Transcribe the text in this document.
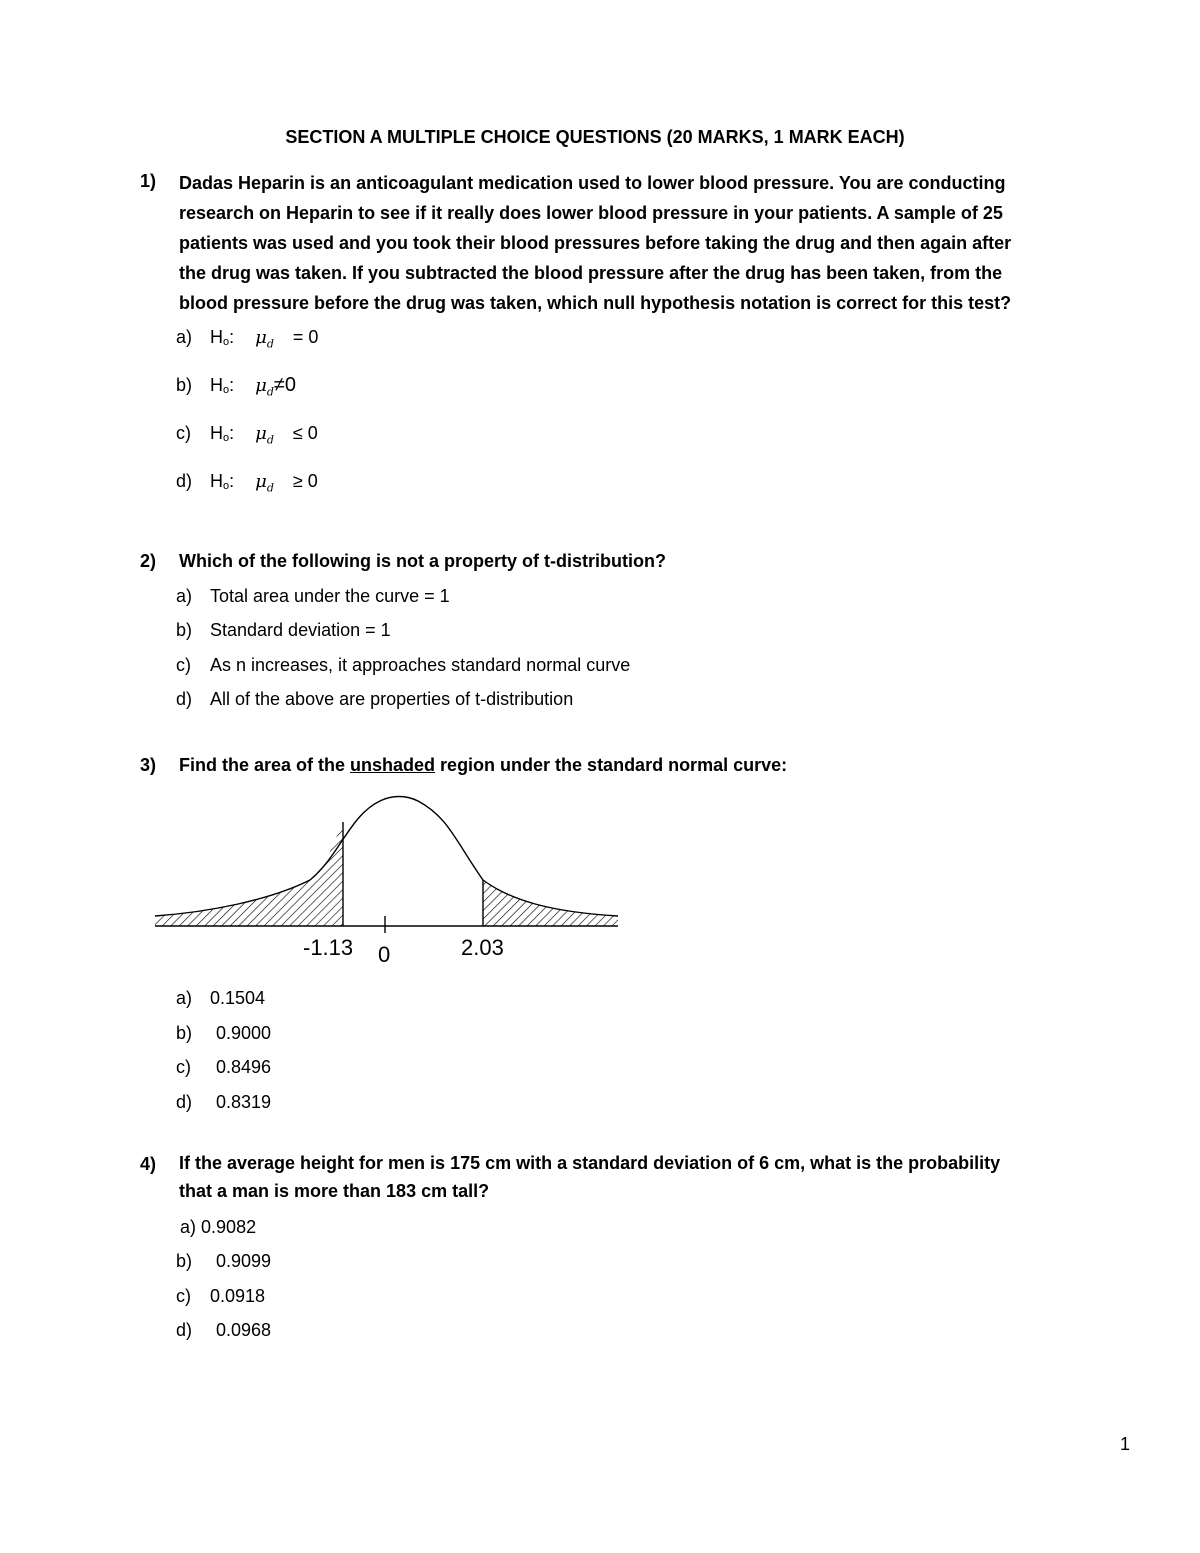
SECTION A MULTIPLE CHOICE QUESTIONS (20 MARKS, 1 MARK EACH)
1) Dadas Heparin is an anticoagulant medication used to lower blood pressure. You are conducting
research on Heparin to see if it really does lower blood pressure in your patients. A sample of 25
patients was used and you took their blood pressures before taking the drug and then again after
the drug was taken. If you subtracted the blood pressure after the drug has been taken, from the
blood pressure before the drug was taken, which null hypothesis notation is correct for this test?
a) Ho: $\mu_d = 0$
b) Ho: $\mu_d\ne 0$
c) Ho: $\mu_d \le 0$
d) Ho: $\mu_d \ge 0$
2) Which of the following is not a property of t-distribution?
a) Total area under the curve = 1
b) Standard deviation = 1
c) As n increases, it approaches standard normal curve
d) All of the above are properties of t-distribution
3) Find the area of the unshaded region under the standard normal curve:
-1.13 0	2.03
a) 0.1504
b) 0.9000
c) 0.8496
d) 0.8319
4) If the average height for men is 175 cm with a standard deviation of 6 cm, what is the probability
that a man is more than 183 cm tall?
a) 0.9082
b) 0.9099
c) 0.0918
d) 0.0968
1
